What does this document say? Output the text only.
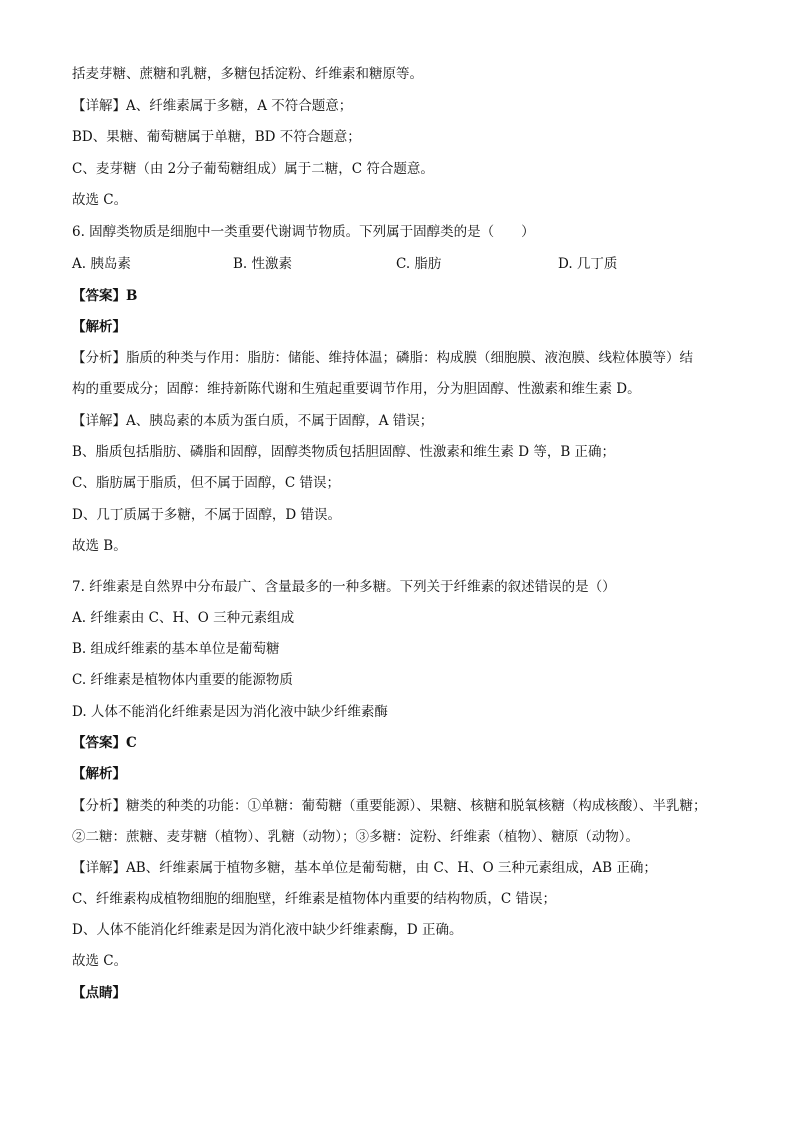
括麦芽糖、蔗糖和乳糖，多糖包括淀粉、纤维素和糖原等。
【详解】A、纤维素属于多糖，A 不符合题意；
BD、果糖、葡萄糖属于单糖，BD 不符合题意；
C、麦芽糖（由 2分子葡萄糖组成）属于二糖，C 符合题意。
故选 C。
6. 固醇类物质是细胞中一类重要代谢调节物质。下列属于固醇类的是（　　）
A. 胰岛素	B. 性激素	C. 脂肪	D. 几丁质
【答案】B
【解析】
【分析】脂质的种类与作用：脂肪：储能、维持体温；磷脂：构成膜（细胞膜、液泡膜、线粒体膜等）结
构的重要成分；固醇：维持新陈代谢和生殖起重要调节作用，分为胆固醇、性激素和维生素 D。
【详解】A、胰岛素的本质为蛋白质，不属于固醇，A 错误；
B、脂质包括脂肪、磷脂和固醇，固醇类物质包括胆固醇、性激素和维生素 D 等，B 正确；
C、脂肪属于脂质，但不属于固醇，C 错误；
D、几丁质属于多糖，不属于固醇，D 错误。
故选 B。
7. 纤维素是自然界中分布最广、含量最多的一种多糖。下列关于纤维素的叙述错误的是（）
A. 纤维素由 C、H、O 三种元素组成
B. 组成纤维素的基本单位是葡萄糖
C. 纤维素是植物体内重要的能源物质
D. 人体不能消化纤维素是因为消化液中缺少纤维素酶
【答案】C
【解析】
【分析】糖类的种类的功能：①单糖：葡萄糖（重要能源）、果糖、核糖和脱氧核糖（构成核酸）、半乳糖；
②二糖：蔗糖、麦芽糖（植物）、乳糖（动物）；③多糖：淀粉、纤维素（植物）、糖原（动物）。
【详解】AB、纤维素属于植物多糖，基本单位是葡萄糖，由 C、H、O 三种元素组成，AB 正确；
C、纤维素构成植物细胞的细胞壁，纤维素是植物体内重要的结构物质，C 错误；
D、人体不能消化纤维素是因为消化液中缺少纤维素酶，D 正确。
故选 C。
【点睛】
